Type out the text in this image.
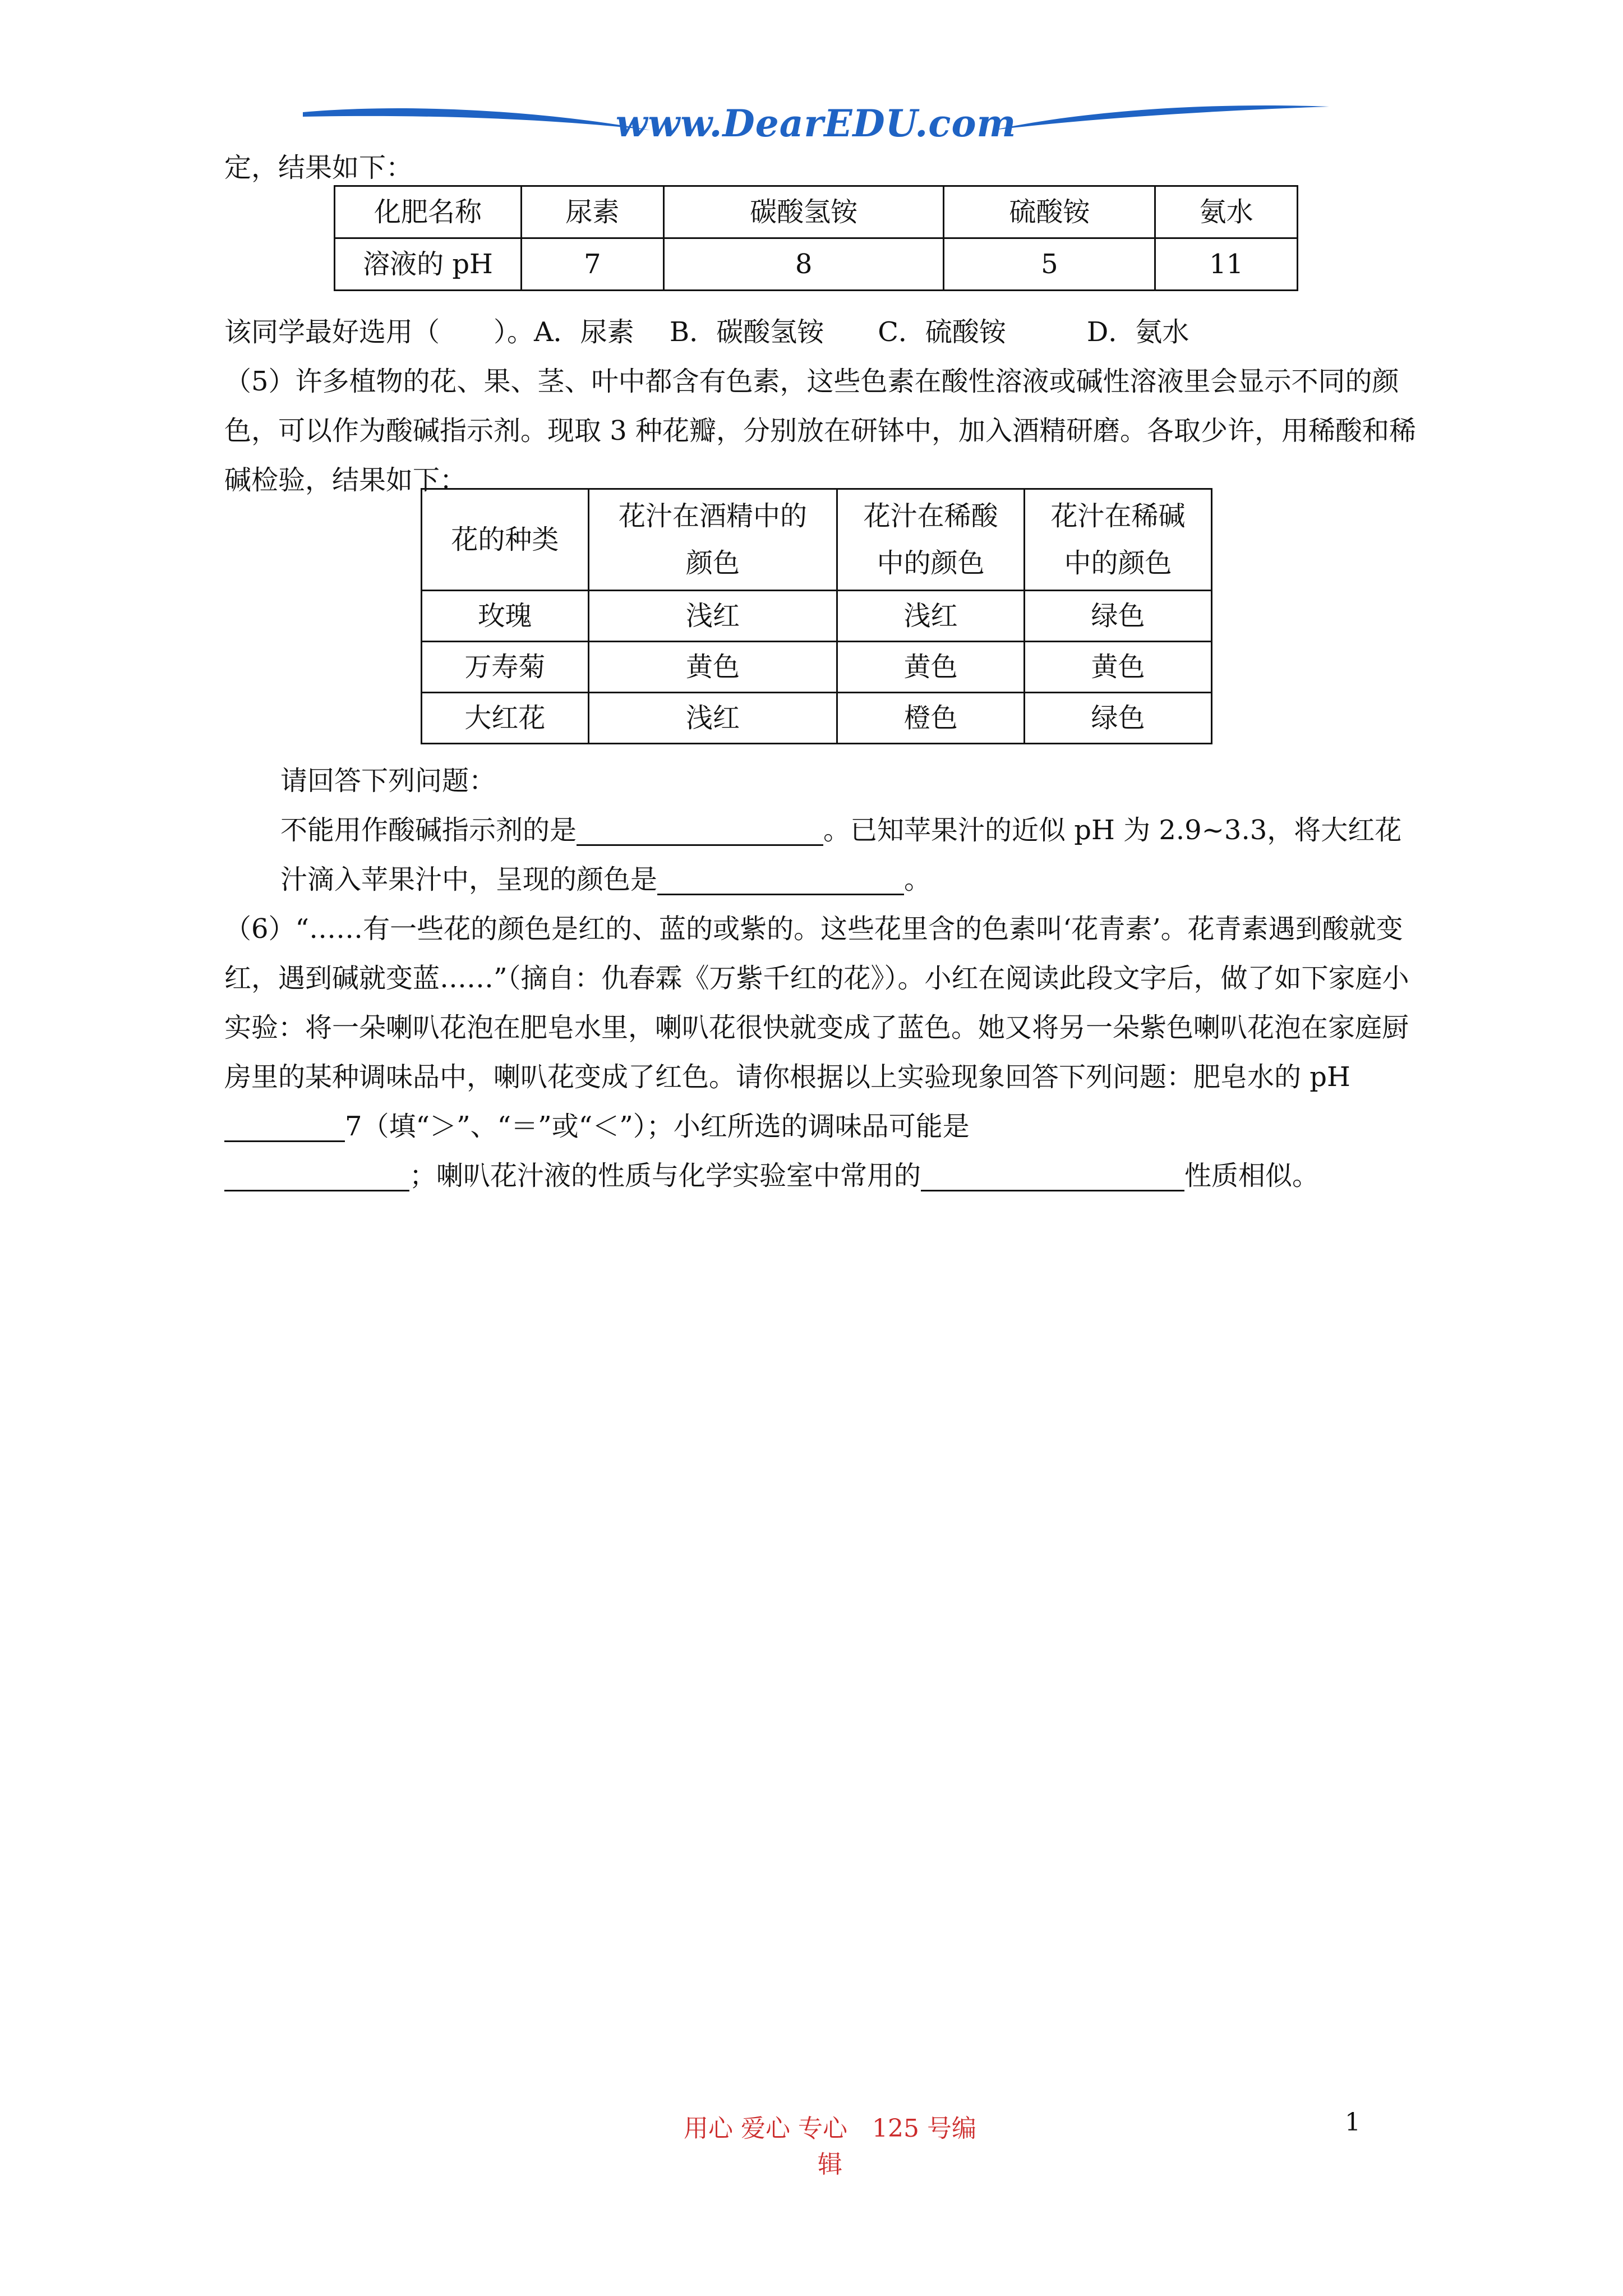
www.DearEDU.com

定，结果如下：

化肥名称	尿素	碳酸氢铵	硫酸铵	氨水
溶液的 pH	7	8	5	11

该同学最好选用（　　）。A．尿素　 B．碳酸氢铵　　C．硫酸铵　　　D．氨水

（5）许多植物的花、果、茎、叶中都含有色素，这些色素在酸性溶液或碱性溶液里会显示不同的颜色，可以作为酸碱指示剂。现取 3 种花瓣，分别放在研钵中，加入酒精研磨。各取少许，用稀酸和稀碱检验，结果如下：

花的种类	花汁在酒精中的颜色	花汁在稀酸中的颜色	花汁在稀碱中的颜色
玫瑰	浅红	浅红	绿色
万寿菊	黄色	黄色	黄色
大红花	浅红	橙色	绿色

请回答下列问题：

不能用作酸碱指示剂的是	。已知苹果汁的近似 pH 为 2.9~3.3，将大红花汁滴入苹果汁中，呈现的颜色是	。

（6）“……有一些花的颜色是红的、蓝的或紫的。这些花里含的色素叫‘花青素’。花青素遇到酸就变红，遇到碱就变蓝……”（摘自：仇春霖《万紫千红的花》）。小红在阅读此段文字后，做了如下家庭小实验：将一朵喇叭花泡在肥皂水里，喇叭花很快就变成了蓝色。她又将另一朵紫色喇叭花泡在家庭厨房里的某种调味品中，喇叭花变成了红色。请你根据以上实验现象回答下列问题：肥皂水的 pH7（填“＞”、“＝”或“＜”）；小红所选的调味品可能是
；喇叭花汁液的性质与化学实验室中常用的	性质相似。

用心 爱心 专心　125 号编辑
1
